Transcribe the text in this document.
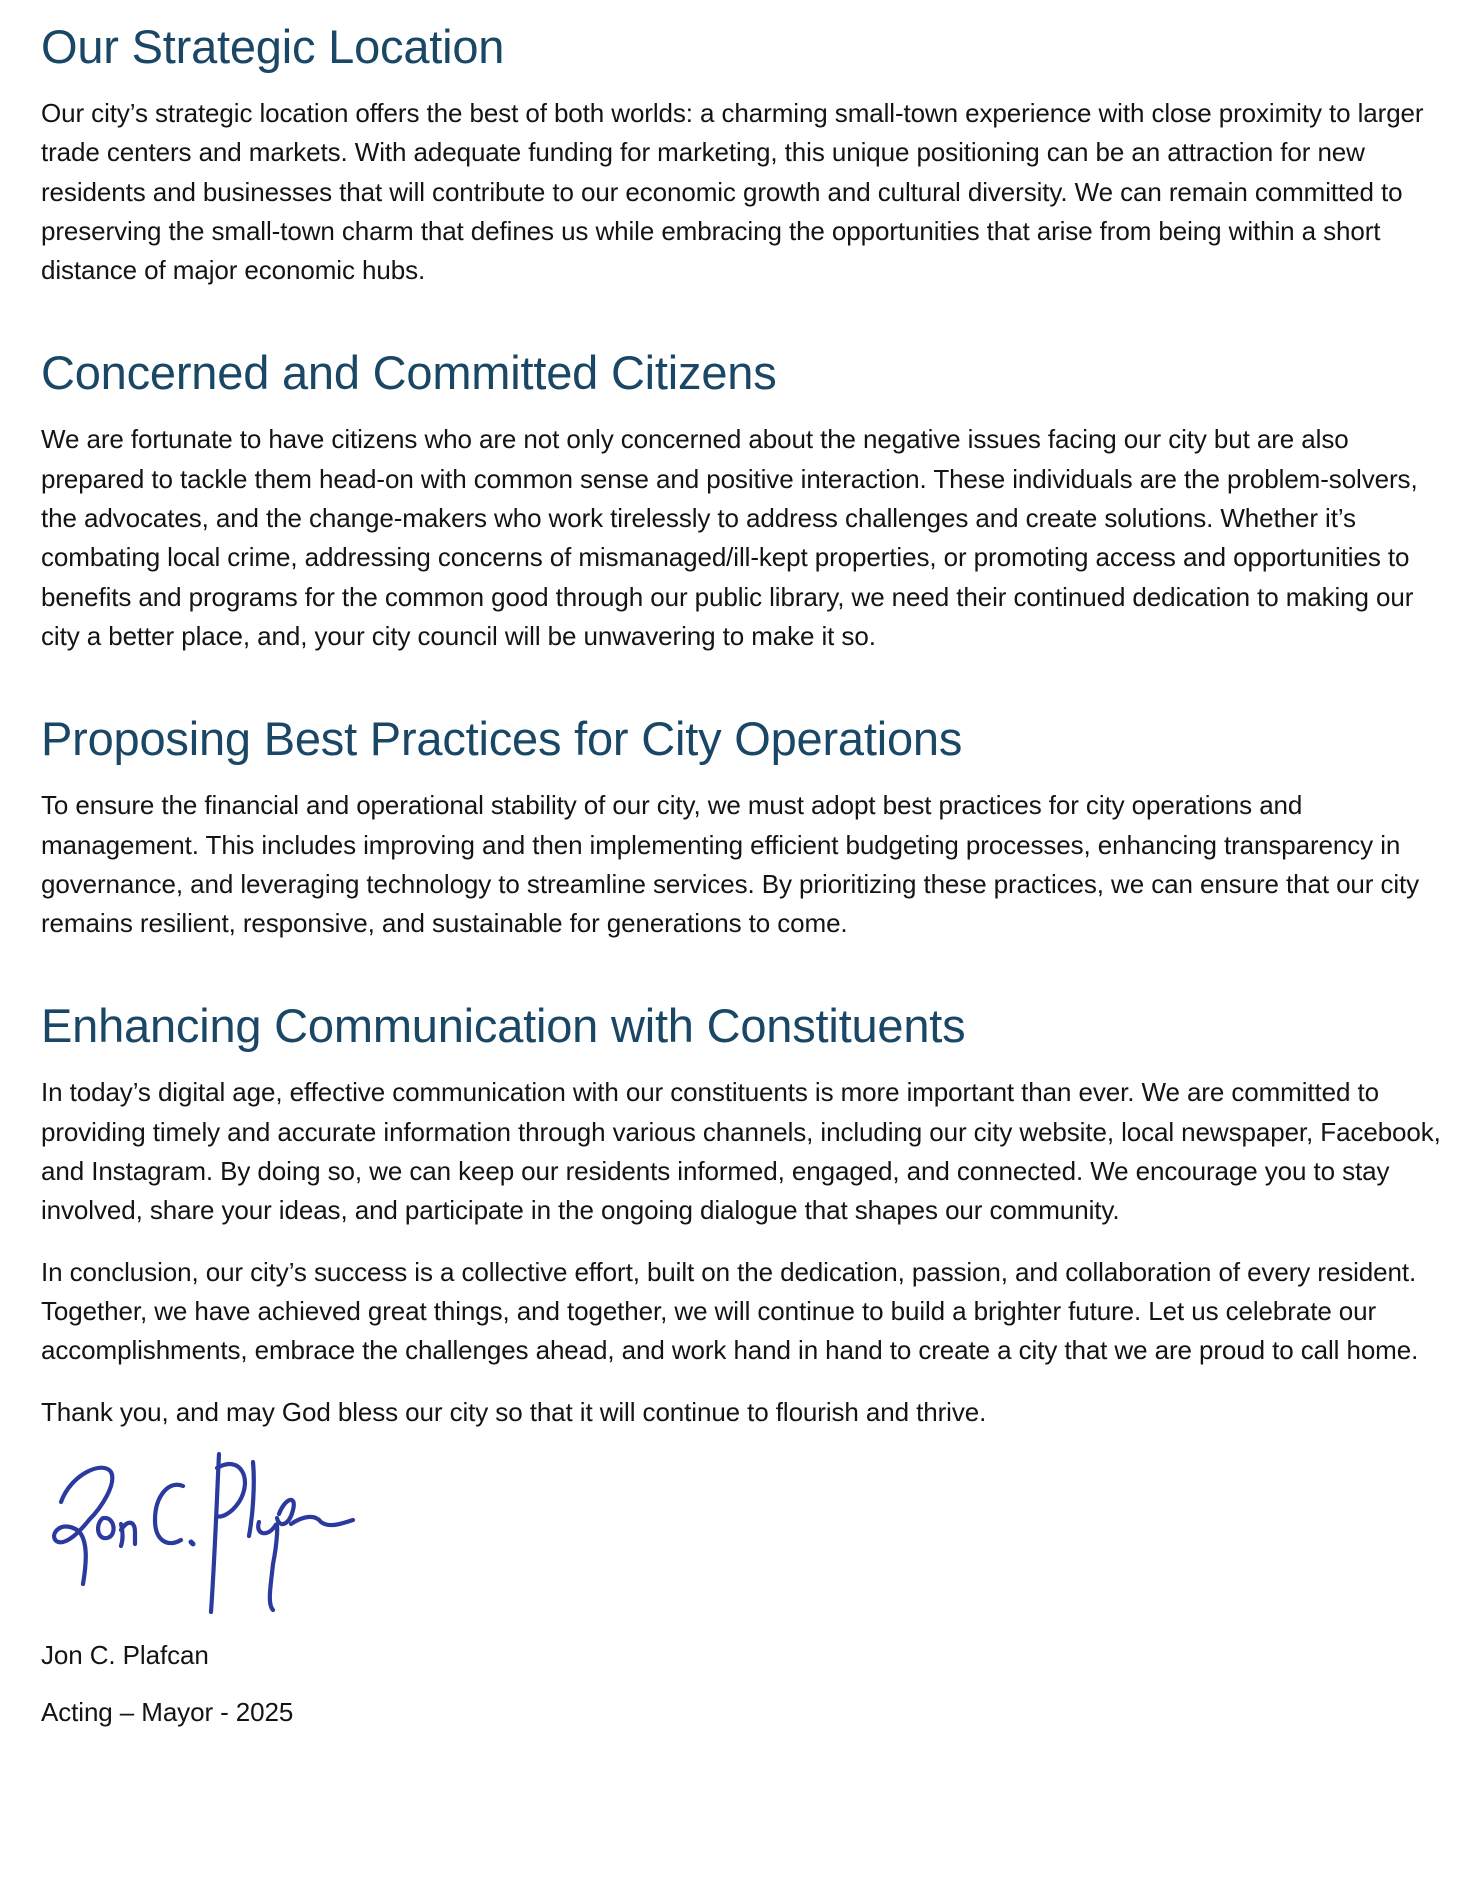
Our Strategic Location

Our city’s strategic location offers the best of both worlds: a charming small-town experience with close proximity to larger trade centers and markets. With adequate funding for marketing, this unique positioning can be an attraction for new residents and businesses that will contribute to our economic growth and cultural diversity. We can remain committed to preserving the small-town charm that defines us while embracing the opportunities that arise from being within a short distance of major economic hubs.

Concerned and Committed Citizens

We are fortunate to have citizens who are not only concerned about the negative issues facing our city but are also prepared to tackle them head-on with common sense and positive interaction. These individuals are the problem-solvers, the advocates, and the change-makers who work tirelessly to address challenges and create solutions. Whether it’s combating local crime, addressing concerns of mismanaged/ill-kept properties, or promoting access and opportunities to benefits and programs for the common good through our public library, we need their continued dedication to making our city a better place, and, your city council will be unwavering to make it so.

Proposing Best Practices for City Operations

To ensure the financial and operational stability of our city, we must adopt best practices for city operations and management. This includes improving and then implementing efficient budgeting processes, enhancing transparency in governance, and leveraging technology to streamline services. By prioritizing these practices, we can ensure that our city remains resilient, responsive, and sustainable for generations to come.

Enhancing Communication with Constituents

In today’s digital age, effective communication with our constituents is more important than ever. We are committed to providing timely and accurate information through various channels, including our city website, local newspaper, Facebook, and Instagram. By doing so, we can keep our residents informed, engaged, and connected. We encourage you to stay involved, share your ideas, and participate in the ongoing dialogue that shapes our community.

In conclusion, our city’s success is a collective effort, built on the dedication, passion, and collaboration of every resident. Together, we have achieved great things, and together, we will continue to build a brighter future. Let us celebrate our accomplishments, embrace the challenges ahead, and work hand in hand to create a city that we are proud to call home.

Thank you, and may God bless our city so that it will continue to flourish and thrive.

Jon C. Plafcan

Acting – Mayor - 2025
